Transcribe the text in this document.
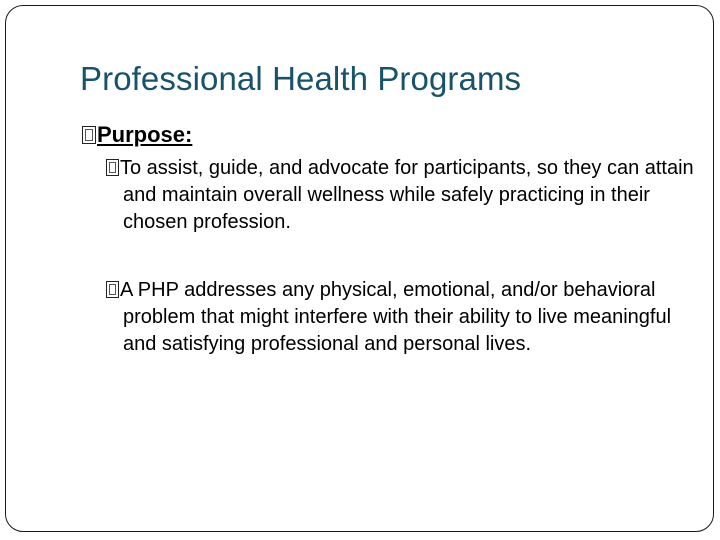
Professional Health Programs
Purpose:
To assist, guide, and advocate for participants, so they can attain and maintain overall wellness while safely practicing in their chosen profession.
A PHP addresses any physical, emotional, and/or behavioral problem that might interfere with their ability to live meaningful and satisfying professional and personal lives.
